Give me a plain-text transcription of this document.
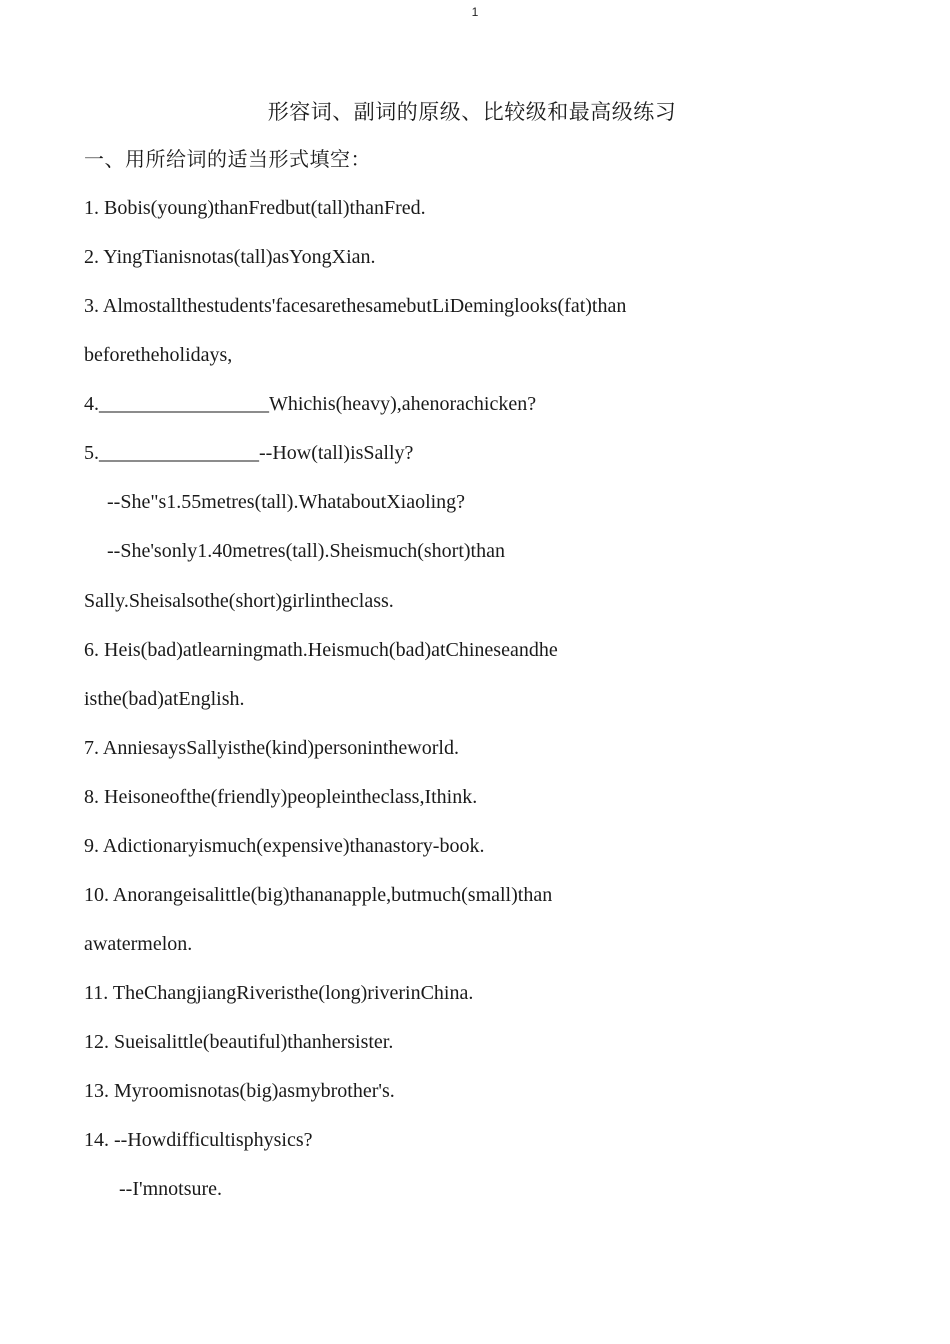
1
形容词、副词的原级、比较级和最高级练习
一、用所给词的适当形式填空：
1. Bobis(young)thanFredbut(tall)thanFred.
2. YingTianisnotas(tall)asYongXian.
3. Almostallthestudents'facesarethesamebutLiDeminglooks(fat)than
beforetheholidays,
4._________________Whichis(heavy),ahenorachicken?
5.________________--How(tall)isSally?
--She"s1.55metres(tall).WhataboutXiaoling?
--She'sonly1.40metres(tall).Sheismuch(short)than
Sally.Sheisalsothe(short)girlintheclass.
6. Heis(bad)atlearningmath.Heismuch(bad)atChineseandhe
isthe(bad)atEnglish.
7. AnniesaysSallyisthe(kind)personintheworld.
8. Heisoneofthe(friendly)peopleintheclass,Ithink.
9. Adictionaryismuch(expensive)thanastory-book.
10. Anorangeisalittle(big)thananapple,butmuch(small)than
awatermelon.
11. TheChangjiangRiveristhe(long)riverinChina.
12. Sueisalittle(beautiful)thanhersister.
13. Myroomisnotas(big)asmybrother's.
14. --Howdifficultisphysics?
--I'mnotsure.
